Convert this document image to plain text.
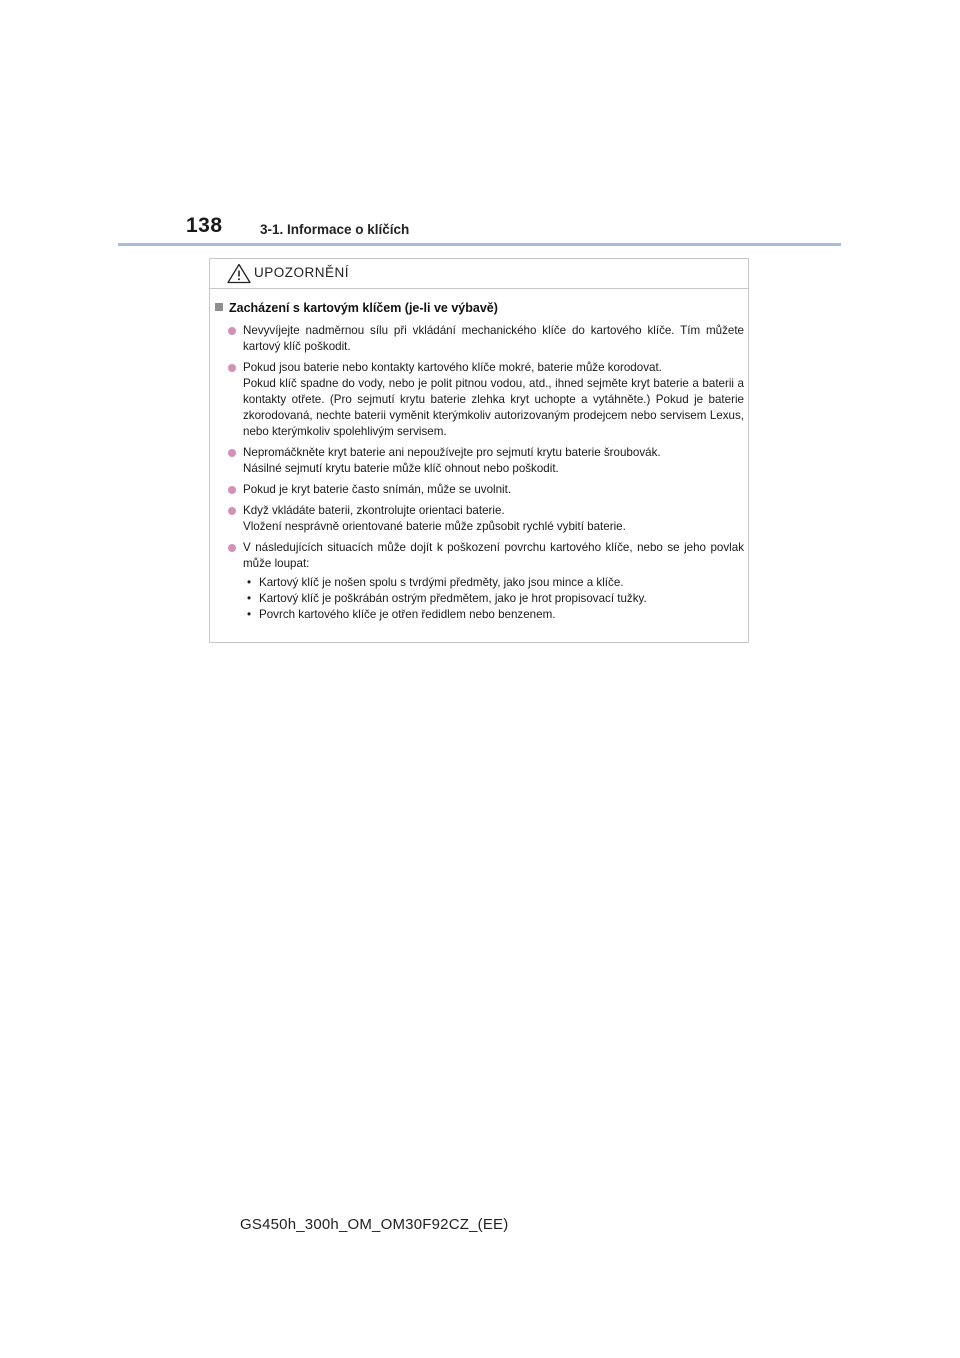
138	3-1. Informace o klíčích
UPOZORNĚNÍ
Zacházení s kartovým klíčem (je-li ve výbavě)

Nevyvíjejte nadměrnou sílu při vkládání mechanického klíče do kartového klíče. Tím můžete kartový klíč poškodit.

Pokud jsou baterie nebo kontakty kartového klíče mokré, baterie může korodovat.

Pokud klíč spadne do vody, nebo je polit pitnou vodou, atd., ihned sejměte kryt baterie a baterii a kontakty otřete. (Pro sejmutí krytu baterie zlehka kryt uchopte a vytáhněte.) Pokud je baterie zkorodovaná, nechte baterii vyměnit kterýmkoliv autorizovaným prodejcem nebo servisem Lexus, nebo kterýmkoliv spolehlivým servisem.

Nepromáčkněte kryt baterie ani nepoužívejte pro sejmutí krytu baterie šroubovák.

Násilné sejmutí krytu baterie může klíč ohnout nebo poškodit.

Pokud je kryt baterie často snímán, může se uvolnit.

Když vkládáte baterii, zkontrolujte orientaci baterie.

Vložení nesprávně orientované baterie může způsobit rychlé vybití baterie.

V následujících situacích může dojít k poškození povrchu kartového klíče, nebo se jeho povlak může loupat:

• Kartový klíč je nošen spolu s tvrdými předměty, jako jsou mince a klíče.
• Kartový klíč je poškrábán ostrým předmětem, jako je hrot propisovací tužky.
• Povrch kartového klíče je otřen ředidlem nebo benzenem.
GS450h_300h_OM_OM30F92CZ_(EE)
